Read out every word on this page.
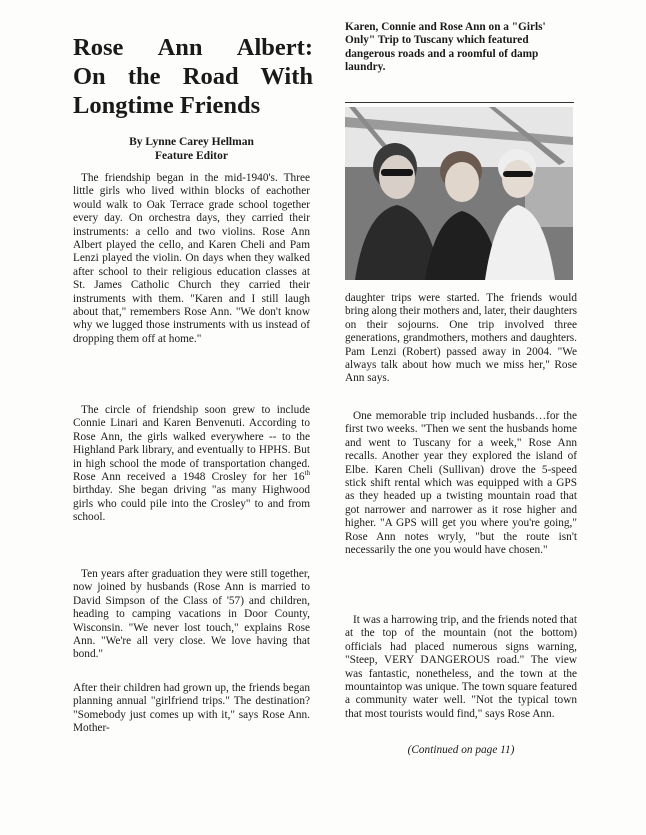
Rose Ann Albert:
On the Road With
Longtime Friends
By Lynne Carey Hellman
Feature Editor

The friendship began in the mid-1940's. Three little girls who lived within blocks of eachother would walk to Oak Terrace grade school together every day. On orchestra days, they carried their instruments: a cello and two violins. Rose Ann Albert played the cello, and Karen Cheli and Pam Lenzi played the violin. On days when they walked after school to their religious education classes at St. James Catholic Church they carried their instruments with them. "Karen and I still laugh about that," remembers Rose Ann. "We don't know why we lugged those instruments with us instead of dropping them off at home."

The circle of friendship soon grew to include Connie Linari and Karen Benvenuti. According to Rose Ann, the girls walked everywhere -- to the Highland Park library, and eventually to HPHS. But in high school the mode of transportation changed. Rose Ann received a 1948 Crosley for her 16th birthday. She began driving "as many Highwood girls who could pile into the Crosley" to and from school.

Ten years after graduation they were still together, now joined by husbands (Rose Ann is married to David Simpson of the Class of '57) and children, heading to camping vacations in Door County, Wisconsin. "We never lost touch," explains Rose Ann. "We're all very close. We love having that bond."

After their children had grown up, the friends began planning annual "girlfriend trips." The destination? "Somebody just comes up with it," says Rose Ann. Mother-

Karen, Connie and Rose Ann on a "Girls' Only" Trip to Tuscany which featured dangerous roads and a roomful of damp laundry.

daughter trips were started. The friends would bring along their mothers and, later, their daughters on their sojourns. One trip involved three generations, grandmothers, mothers and daughters. Pam Lenzi (Robert) passed away in 2004. "We always talk about how much we miss her," Rose Ann says.

One memorable trip included husbands…for the first two weeks. "Then we sent the husbands home and went to Tuscany for a week," Rose Ann recalls. Another year they explored the island of Elbe. Karen Cheli (Sullivan) drove the 5-speed stick shift rental which was equipped with a GPS as they headed up a twisting mountain road that got narrower and narrower as it rose higher and higher. "A GPS will get you where you're going," Rose Ann notes wryly, "but the route isn't necessarily the one you would have chosen."

It was a harrowing trip, and the friends noted that at the top of the mountain (not the bottom) officials had placed numerous signs warning, "Steep, VERY DANGEROUS road." The view was fantastic, nonetheless, and the town at the mountaintop was unique. The town square featured a community water well. "Not the typical town that most tourists would find," says Rose Ann.

(Continued on page 11)
